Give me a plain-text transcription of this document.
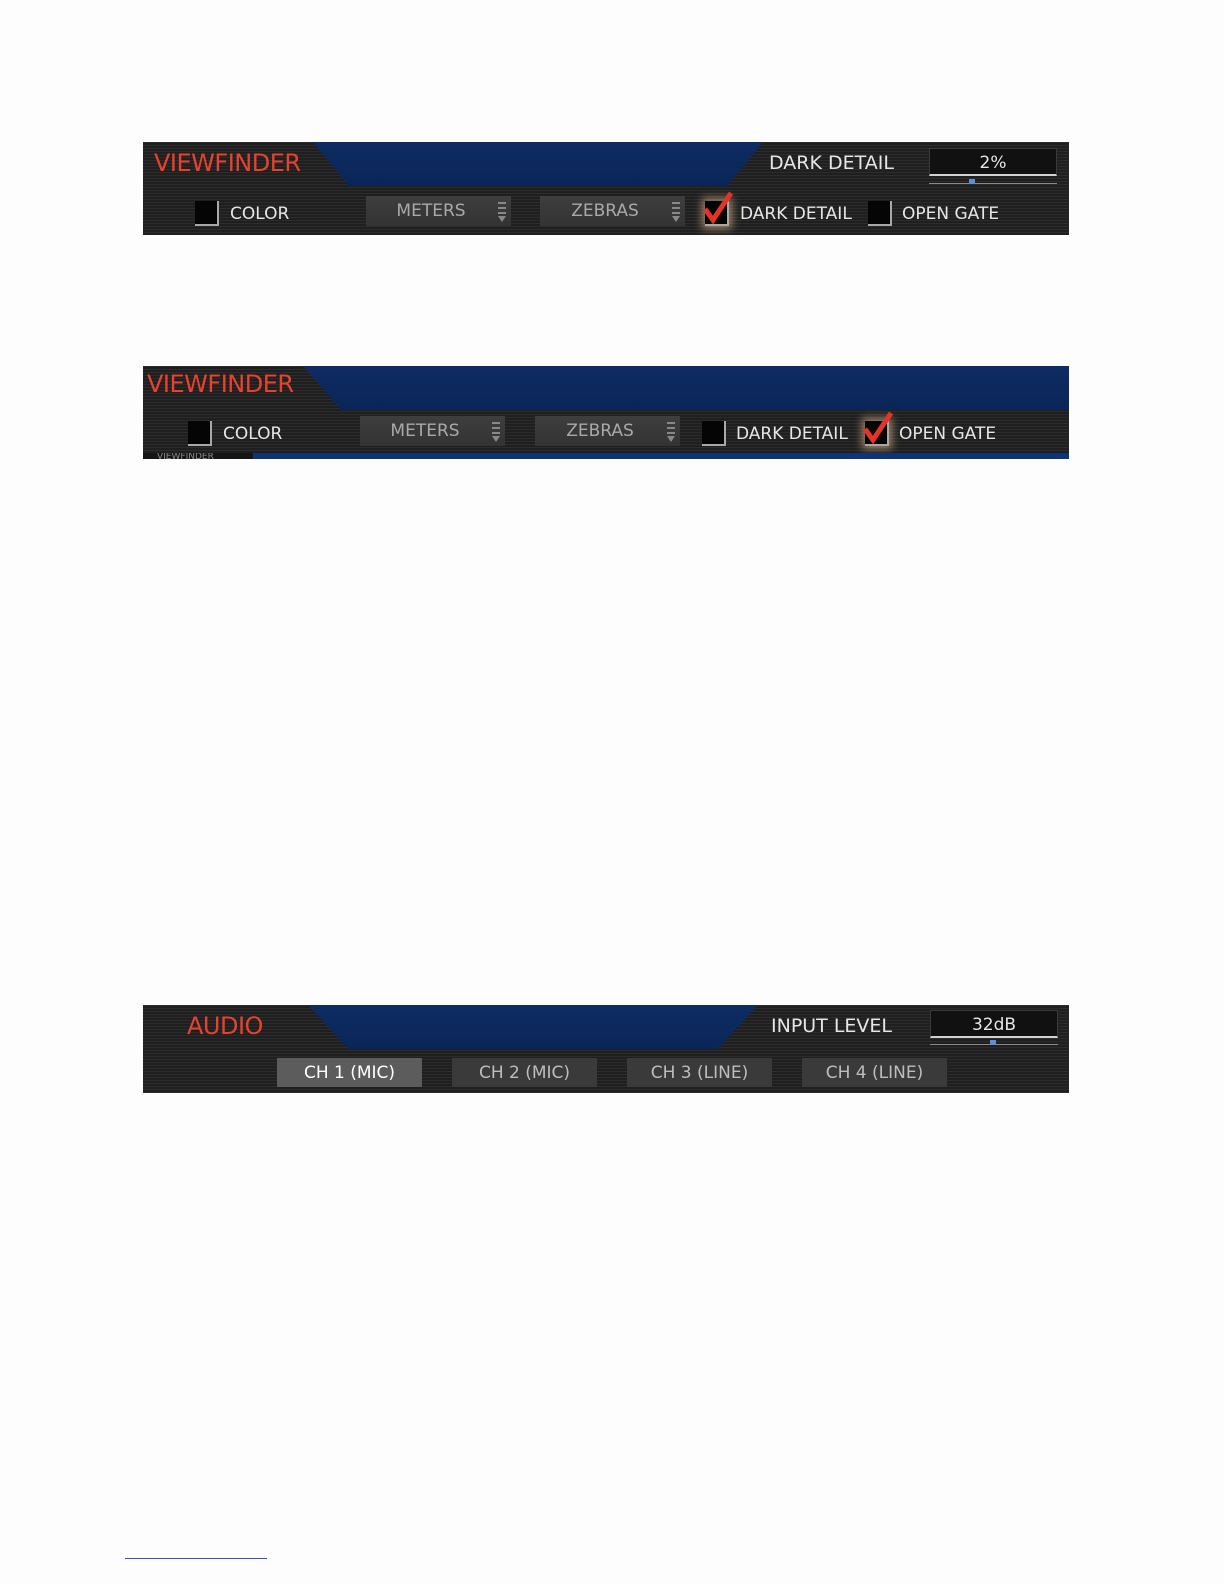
VIEWFINDER	DARK DETAIL	2%
COLOR	METERS	ZEBRAS	DARK DETAIL	OPEN GATE
VIEWFINDER
COLOR	METERS	ZEBRAS	DARK DETAIL	OPEN GATE
VIEWFINDER
AUDIO	INPUT LEVEL	32dB
CH 1 (MIC)	CH 2 (MIC)	CH 3 (LINE)	CH 4 (LINE)
